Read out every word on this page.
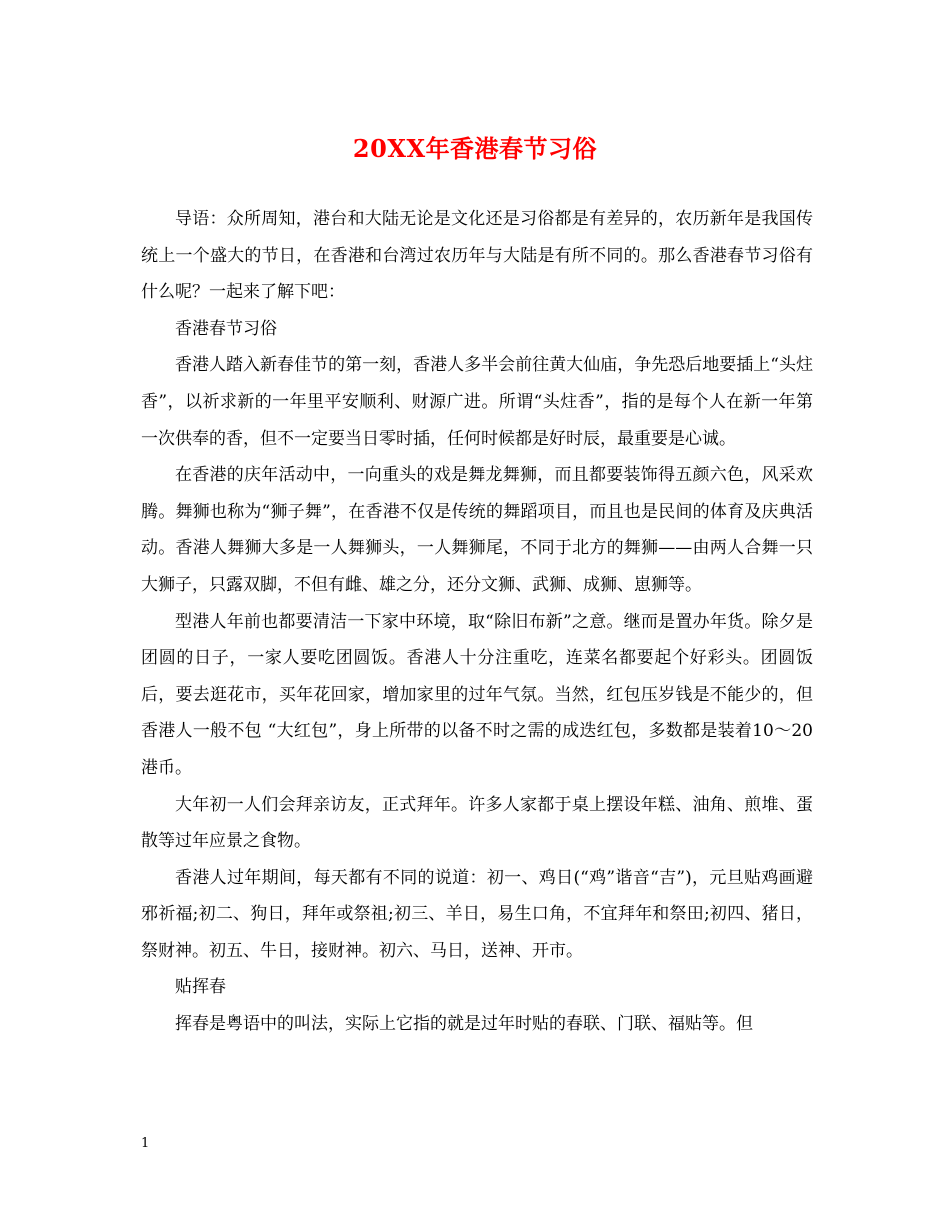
20XX年香港春节习俗

导语：众所周知，港台和大陆无论是文化还是习俗都是有差异的，农历新年是我国传统上一个盛大的节日，在香港和台湾过农历年与大陆是有所不同的。那么香港春节习俗有什么呢？一起来了解下吧：

香港春节习俗

香港人踏入新春佳节的第一刻，香港人多半会前往黄大仙庙，争先恐后地要插上“头炷香”，以祈求新的一年里平安顺利、财源广进。所谓“头炷香”，指的是每个人在新一年第一次供奉的香，但不一定要当日零时插，任何时候都是好时辰，最重要是心诚。

在香港的庆年活动中，一向重头的戏是舞龙舞狮，而且都要装饰得五颜六色，风采欢腾。舞狮也称为“狮子舞”，在香港不仅是传统的舞蹈项目，而且也是民间的体育及庆典活动。香港人舞狮大多是一人舞狮头，一人舞狮尾，不同于北方的舞狮——由两人合舞一只大狮子，只露双脚，不但有雌、雄之分，还分文狮、武狮、成狮、崽狮等。

型港人年前也都要清洁一下家中环境，取“除旧布新”之意。继而是置办年货。除夕是团圆的日子，一家人要吃团圆饭。香港人十分注重吃，连菜名都要起个好彩头。团圆饭后，要去逛花市，买年花回家，增加家里的过年气氛。当然，红包压岁钱是不能少的，但香港人一般不包 “大红包”，身上所带的以备不时之需的成迭红包，多数都是装着10～20港币。

大年初一人们会拜亲访友，正式拜年。许多人家都于桌上摆设年糕、油角、煎堆、蛋散等过年应景之食物。

香港人过年期间，每天都有不同的说道：初一、鸡日(“鸡”谐音“吉”)，元旦贴鸡画避邪祈福;初二、狗日，拜年或祭祖;初三、羊日，易生口角，不宜拜年和祭田;初四、猪日，祭财神。初五、牛日，接财神。初六、马日，送神、开市。

贴挥春

挥春是粤语中的叫法，实际上它指的就是过年时贴的春联、门联、福贴等。但

1
